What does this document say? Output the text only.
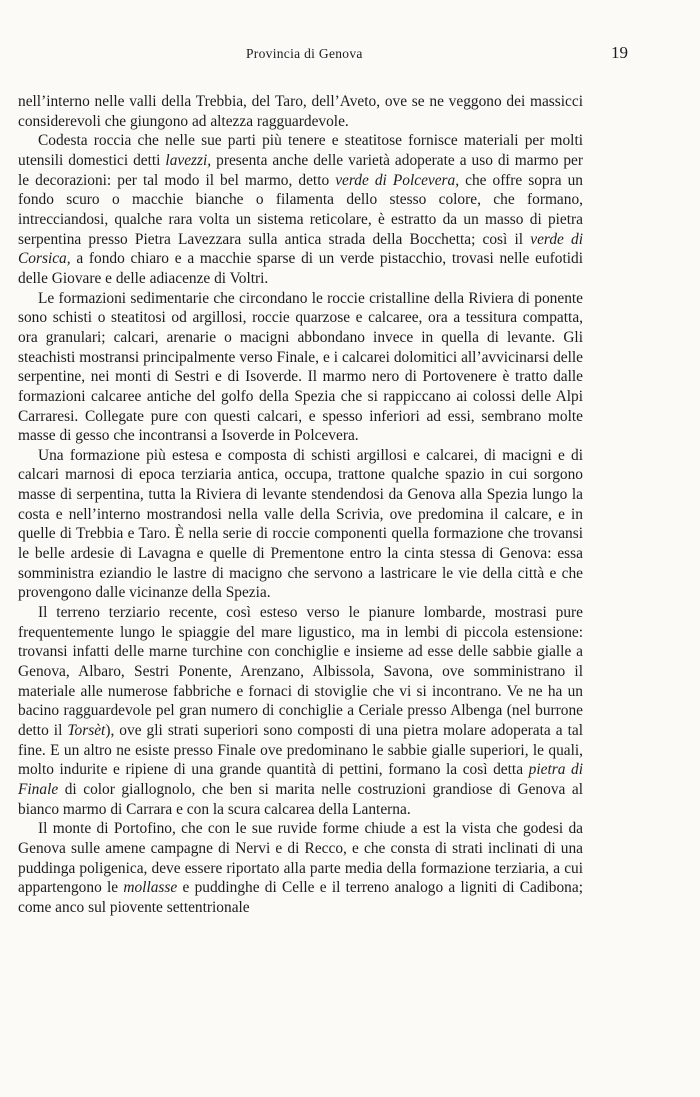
Provincia di Genova	19

nell’interno nelle valli della Trebbia, del Taro, dell’Aveto, ove se ne veggono dei massicci considerevoli che giungono ad altezza ragguardevole.

Codesta roccia che nelle sue parti più tenere e steatitose fornisce materiali per molti utensili domestici detti lavezzi, presenta anche delle varietà adoperate a uso di marmo per le decorazioni: per tal modo il bel marmo, detto verde di Polcevera, che offre sopra un fondo scuro o macchie bianche o filamenta dello stesso colore, che formano, intrecciandosi, qualche rara volta un sistema reticolare, è estratto da un masso di pietra serpentina presso Pietra Lavezzara sulla antica strada della Bocchetta; così il verde di Corsica, a fondo chiaro e a macchie sparse di un verde pistacchio, trovasi nelle eufotidi delle Giovare e delle adiacenze di Voltri.

Le formazioni sedimentarie che circondano le roccie cristalline della Riviera di ponente sono schisti o steatitosi od argillosi, roccie quarzose e calcaree, ora a tessitura compatta, ora granulari; calcari, arenarie o macigni abbondano invece in quella di levante. Gli steachisti mostransi principalmente verso Finale, e i calcarei dolomitici all’avvicinarsi delle serpentine, nei monti di Sestri e di Isoverde. Il marmo nero di Portovenere è tratto dalle formazioni calcaree antiche del golfo della Spezia che si rappiccano ai colossi delle Alpi Carraresi. Collegate pure con questi calcari, e spesso inferiori ad essi, sembrano molte masse di gesso che incontransi a Isoverde in Polcevera.

Una formazione più estesa e composta di schisti argillosi e calcarei, di macigni e di calcari marnosi di epoca terziaria antica, occupa, trattone qualche spazio in cui sorgono masse di serpentina, tutta la Riviera di levante stendendosi da Genova alla Spezia lungo la costa e nell’interno mostrandosi nella valle della Scrivia, ove predomina il calcare, e in quelle di Trebbia e Taro. È nella serie di roccie componenti quella formazione che trovansi le belle ardesie di Lavagna e quelle di Prementone entro la cinta stessa di Genova: essa somministra eziandio le lastre di macigno che servono a lastricare le vie della città e che provengono dalle vicinanze della Spezia.

Il terreno terziario recente, così esteso verso le pianure lombarde, mostrasi pure frequentemente lungo le spiaggie del mare ligustico, ma in lembi di piccola estensione: trovansi infatti delle marne turchine con conchiglie e insieme ad esse delle sabbie gialle a Genova, Albaro, Sestri Ponente, Arenzano, Albissola, Savona, ove somministrano il materiale alle numerose fabbriche e fornaci di stoviglie che vi si incontrano. Ve ne ha un bacino ragguardevole pel gran numero di conchiglie a Ceriale presso Albenga (nel burrone detto il Torsèt), ove gli strati superiori sono composti di una pietra molare adoperata a tal fine. E un altro ne esiste presso Finale ove predominano le sabbie gialle superiori, le quali, molto indurite e ripiene di una grande quantità di pettini, formano la così detta pietra di Finale di color giallognolo, che ben si marita nelle costruzioni grandiose di Genova al bianco marmo di Carrara e con la scura calcarea della Lanterna.

Il monte di Portofino, che con le sue ruvide forme chiude a est la vista che godesi da Genova sulle amene campagne di Nervi e di Recco, e che consta di strati inclinati di una puddinga poligenica, deve essere riportato alla parte media della formazione terziaria, a cui appartengono le mollasse e puddinghe di Celle e il terreno analogo a ligniti di Cadibona; come anco sul piovente settentrionale
